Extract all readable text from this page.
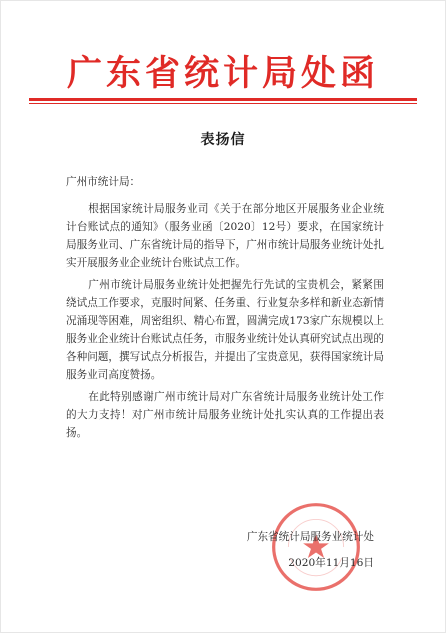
广东省统计局处函
表扬信

广州市统计局：

根据国家统计局服务业司《关于在部分地区开展服务业企业统计台账试点的通知》（服务业函〔2020〕12号）要求，在国家统计局服务业司、广东省统计局的指导下，广州市统计局服务业统计处扎实开展服务业企业统计台账试点工作。

广州市统计局服务业统计处把握先行先试的宝贵机会，紧紧围绕试点工作要求，克服时间紧、任务重、行业复杂多样和新业态新情况涌现等困难，周密组织、精心布置，圆满完成173家广东规模以上服务业企业统计台账试点任务，市服务业统计处认真研究试点出现的各种问题，撰写试点分析报告，并提出了宝贵意见，获得国家统计局服务业司高度赞扬。

在此特别感谢广州市统计局对广东省统计局服务业统计处工作的大力支持！对广州市统计局服务业统计处扎实认真的工作提出表扬。

广东省统计局服务业统计处
2020年11月16日
